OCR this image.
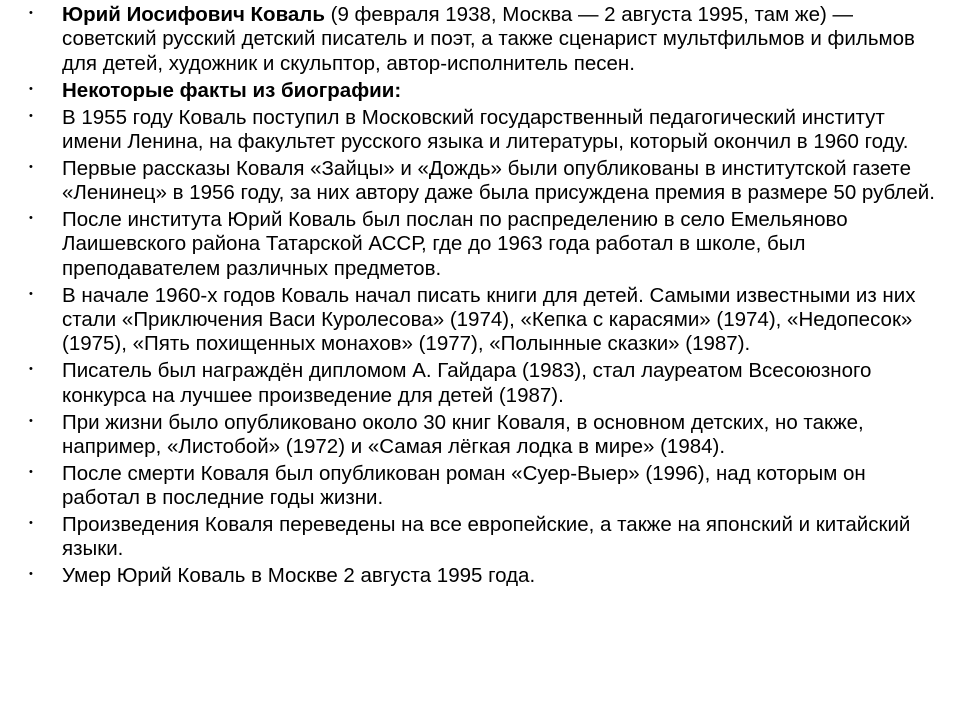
• Юрий Иосифович Коваль (9 февраля 1938, Москва — 2 августа 1995, там же) — советский русский детский писатель и поэт, а также сценарист мультфильмов и фильмов для детей, художник и скульптор, автор-исполнитель песен.
• Некоторые факты из биографии:
• В 1955 году Коваль поступил в Московский государственный педагогический институт имени Ленина, на факультет русского языка и литературы, который окончил в 1960 году.
• Первые рассказы Коваля «Зайцы» и «Дождь» были опубликованы в институтской газете «Ленинец» в 1956 году, за них автору даже была присуждена премия в размере 50 рублей.
• После института Юрий Коваль был послан по распределению в село Емельяново Лаишевского района Татарской АССР, где до 1963 года работал в школе, был преподавателем различных предметов.
• В начале 1960-х годов Коваль начал писать книги для детей. Самыми известными из них стали «Приключения Васи Куролесова» (1974), «Кепка с карасями» (1974), «Недопесок» (1975), «Пять похищенных монахов» (1977), «Полынные сказки» (1987).
• Писатель был награждён дипломом А. Гайдара (1983), стал лауреатом Всесоюзного конкурса на лучшее произведение для детей (1987).
• При жизни было опубликовано около 30 книг Коваля, в основном детских, но также, например, «Листобой» (1972) и «Самая лёгкая лодка в мире» (1984).
• После смерти Коваля был опубликован роман «Суер-Выер» (1996), над которым он работал в последние годы жизни.
• Произведения Коваля переведены на все европейские, а также на японский и китайский языки.
• Умер Юрий Коваль в Москве 2 августа 1995 года.
